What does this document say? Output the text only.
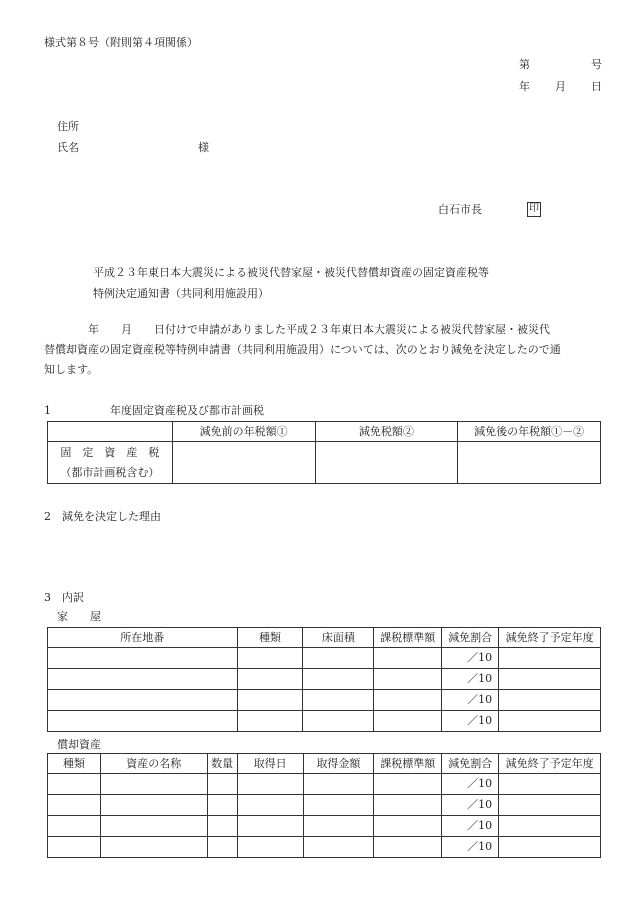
様式第８号（附則第４項関係）
第	号
年 月 日
住所
氏名	様
白石市長	印
平成２３年東日本大震災による被災代替家屋・被災代替償却資産の固定資産税等
特例決定通知書（共同利用施設用）
　　　　年　　月　　日付けで申請がありました平成２３年東日本大震災による被災代替家屋・被災代
替償却資産の固定資産税等特例申請書（共同利用施設用）については、次のとおり減免を決定したので通
知します。
1	年度固定資産税及び都市計画税
	減免前の年税額①	減免税額②	減免後の年税額①－②

固　定　資　産　税
（都市計画税含む）			

2　減免を決定した理由
3　内訳
家　　屋
所在地番	種類	床面積	課税標準額	減免割合	減免終了予定年度
				／10	
				／10	
				／10	
				／10	
償却資産
種類	資産の名称	数量	取得日	取得金額	課税標準額	減免割合	減免終了予定年度
						／10	
						／10	
						／10	
						／10	
